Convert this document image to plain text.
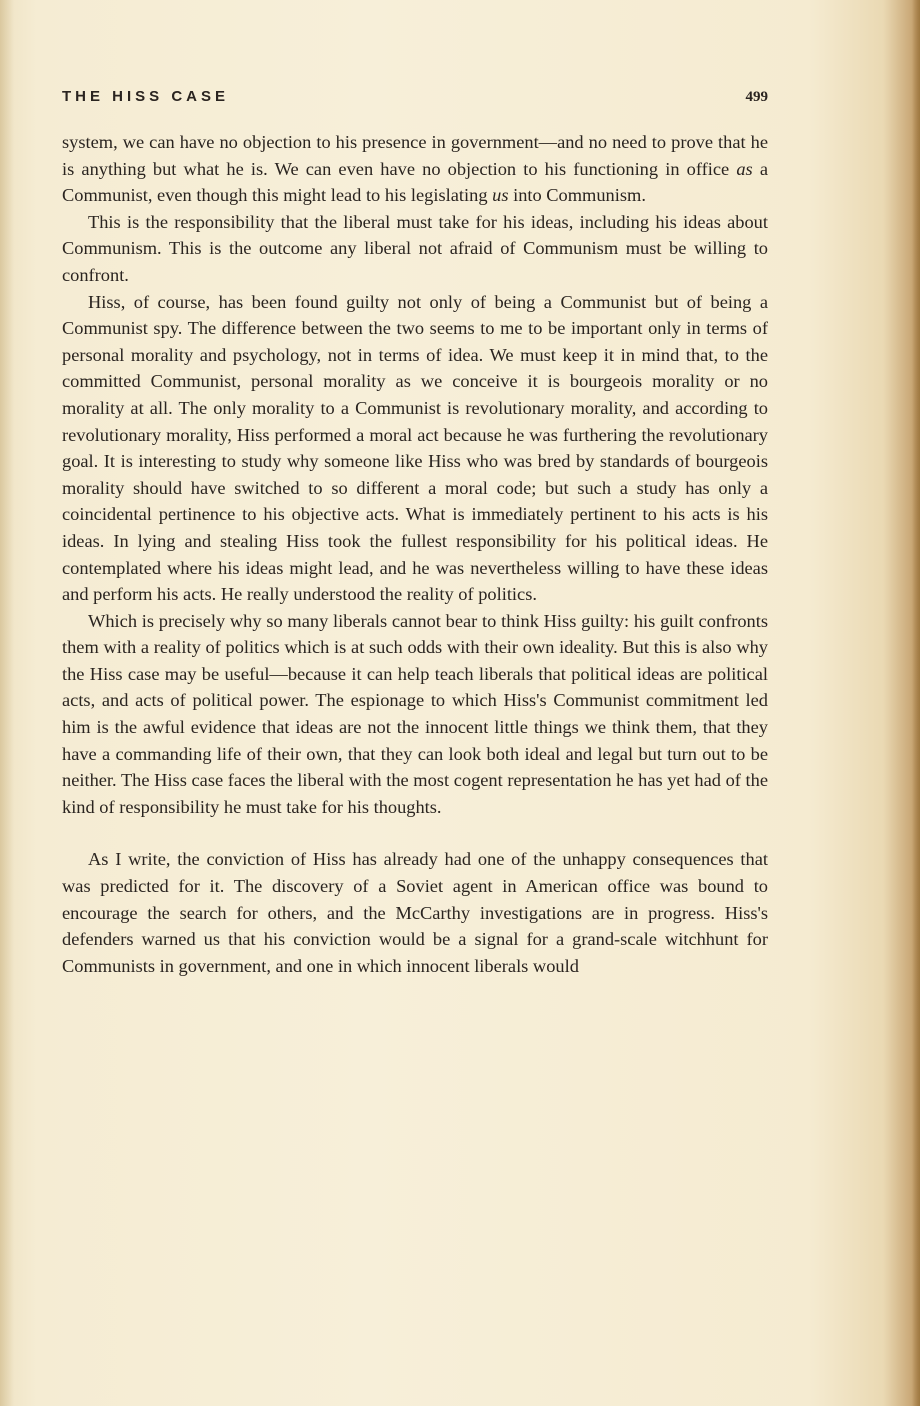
THE HISS CASE	499

system, we can have no objection to his presence in government—and no need to prove that he is anything but what he is. We can even have no objection to his functioning in office as a Communist, even though this might lead to his legislating us into Communism.

This is the responsibility that the liberal must take for his ideas, including his ideas about Communism. This is the outcome any liberal not afraid of Communism must be willing to confront.

Hiss, of course, has been found guilty not only of being a Communist but of being a Communist spy. The difference between the two seems to me to be important only in terms of personal morality and psychology, not in terms of idea. We must keep it in mind that, to the committed Communist, personal morality as we conceive it is bourgeois morality or no morality at all. The only morality to a Communist is revolutionary morality, and according to revolutionary morality, Hiss performed a moral act because he was furthering the revolutionary goal. It is interesting to study why someone like Hiss who was bred by standards of bourgeois morality should have switched to so different a moral code; but such a study has only a coincidental pertinence to his objective acts. What is immediately pertinent to his acts is his ideas. In lying and stealing Hiss took the fullest responsibility for his political ideas. He contemplated where his ideas might lead, and he was nevertheless willing to have these ideas and perform his acts. He really understood the reality of politics.

Which is precisely why so many liberals cannot bear to think Hiss guilty: his guilt confronts them with a reality of politics which is at such odds with their own ideality. But this is also why the Hiss case may be useful—because it can help teach liberals that political ideas are political acts, and acts of political power. The espionage to which Hiss's Communist commitment led him is the awful evidence that ideas are not the innocent little things we think them, that they have a commanding life of their own, that they can look both ideal and legal but turn out to be neither. The Hiss case faces the liberal with the most cogent representation he has yet had of the kind of responsibility he must take for his thoughts.

As I write, the conviction of Hiss has already had one of the unhappy consequences that was predicted for it. The discovery of a Soviet agent in American office was bound to encourage the search for others, and the McCarthy investigations are in progress. Hiss's defenders warned us that his conviction would be a signal for a grand-scale witchhunt for Communists in government, and one in which innocent liberals would
